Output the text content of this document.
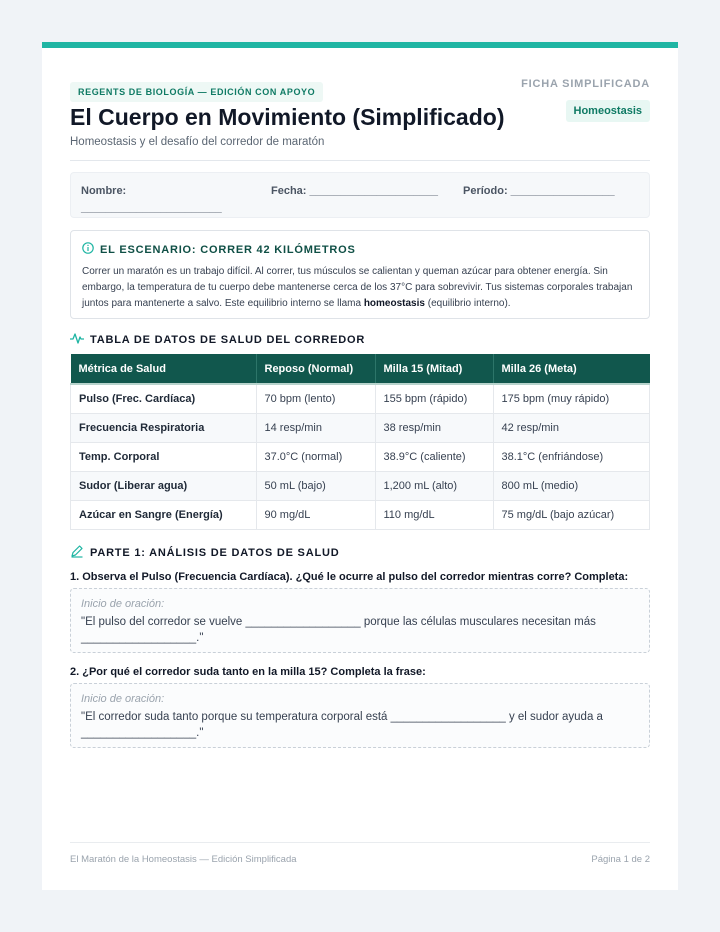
REGENTS DE BIOLOGÍA — EDICIÓN CON APOYO
FICHA SIMPLIFICADA
Homeostasis
El Cuerpo en Movimiento (Simplificado)
Homeostasis y el desafío del corredor de maratón
Nombre: _______________________
Fecha: _____________________ Período: _________________
EL ESCENARIO: CORRER 42 KILÓMETROS
Correr un maratón es un trabajo difícil. Al correr, tus músculos se calientan y queman azúcar para obtener energía. Sin embargo, la temperatura de tu cuerpo debe mantenerse cerca de los 37°C para sobrevivir. Tus sistemas corporales trabajan juntos para mantenerte a salvo. Este equilibrio interno se llama homeostasis (equilibrio interno).
TABLA DE DATOS DE SALUD DEL CORREDOR
Métrica de Salud	Reposo (Normal)	Milla 15 (Mitad)	Milla 26 (Meta)
Pulso (Frec. Cardíaca)	70 bpm (lento)	155 bpm (rápido)	175 bpm (muy rápido)
Frecuencia Respiratoria	14 resp/min	38 resp/min	42 resp/min
Temp. Corporal	37.0°C (normal)	38.9°C (caliente)	38.1°C (enfriándose)
Sudor (Liberar agua)	50 mL (bajo)	1,200 mL (alto)	800 mL (medio)
Azúcar en Sangre (Energía)	90 mg/dL	110 mg/dL	75 mg/dL (bajo azúcar)
PARTE 1: ANÁLISIS DE DATOS DE SALUD
1. Observa el Pulso (Frecuencia Cardíaca). ¿Qué le ocurre al pulso del corredor mientras corre? Completa:
Inicio de oración:
"El pulso del corredor se vuelve __________________ porque las células musculares necesitan más __________________."
2. ¿Por qué el corredor suda tanto en la milla 15? Completa la frase:
Inicio de oración:
"El corredor suda tanto porque su temperatura corporal está __________________ y el sudor ayuda a __________________."
El Maratón de la Homeostasis — Edición Simplificada	Página 1 de 2
